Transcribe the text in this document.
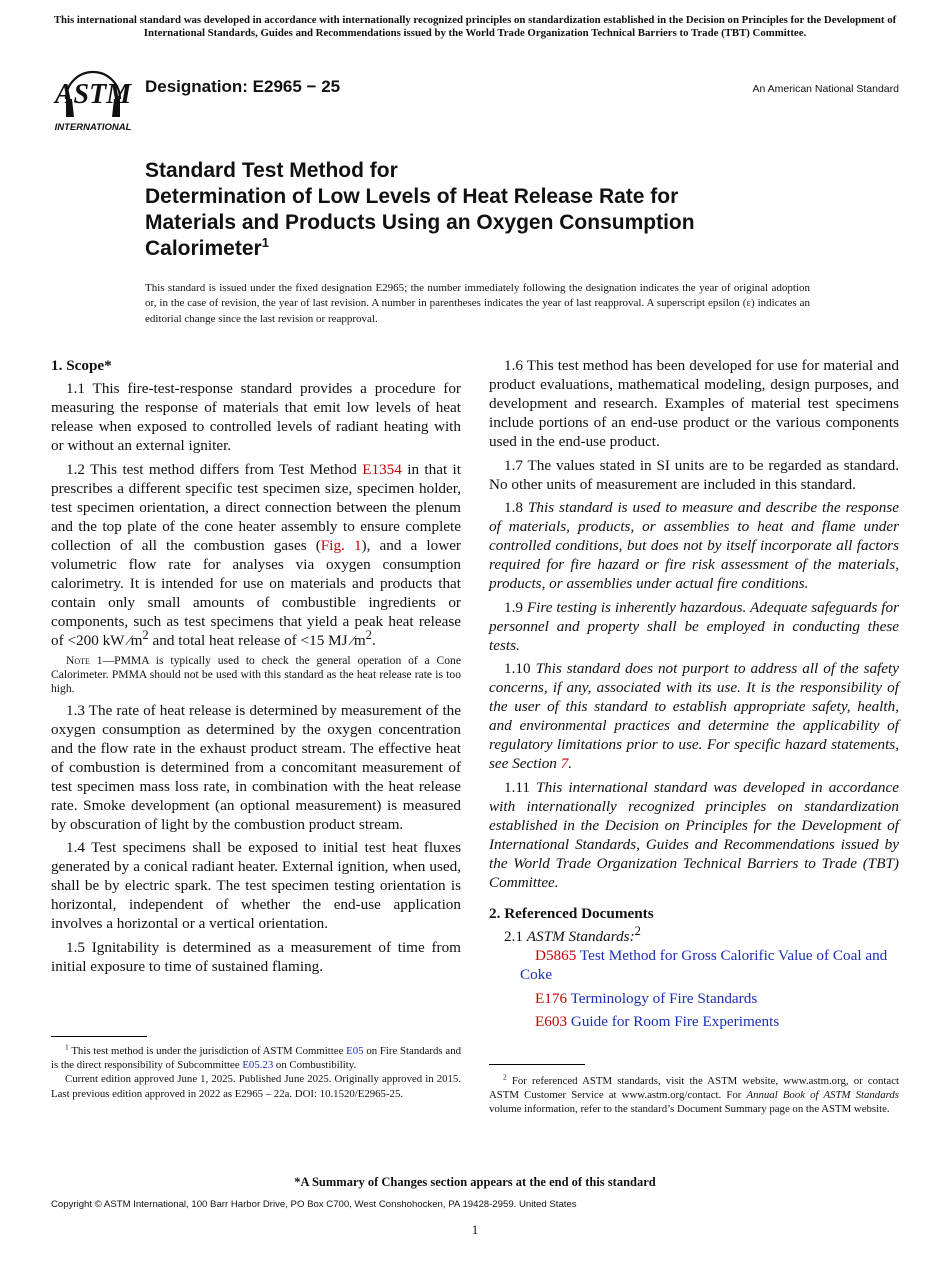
This international standard was developed in accordance with internationally recognized principles on standardization established in the Decision on Principles for the Development of International Standards, Guides and Recommendations issued by the World Trade Organization Technical Barriers to Trade (TBT) Committee.
ASTM
INTERNATIONAL
Designation: E2965 − 25	An American National Standard
Standard Test Method for
Determination of Low Levels of Heat Release Rate for
Materials and Products Using an Oxygen Consumption
Calorimeter$^1$
This standard is issued under the fixed designation E2965; the number immediately following the designation indicates the year of original adoption or, in the case of revision, the year of last revision. A number in parentheses indicates the year of last reapproval. A superscript epsilon (ε) indicates an editorial change since the last revision or reapproval.
1. Scope*

1.1 This fire-test-response standard provides a procedure for measuring the response of materials that emit low levels of heat release when exposed to controlled levels of radiant heating with or without an external igniter.

1.2 This test method differs from Test Method E1354 in that it prescribes a different specific test specimen size, specimen holder, test specimen orientation, a direct connection between the plenum and the top plate of the cone heater assembly to ensure complete collection of all the combustion gases (Fig. 1), and a lower volumetric flow rate for analyses via oxygen consumption calorimetry. It is intended for use on materials and products that contain only small amounts of combustible ingredients or components, such as test specimens that yield a peak heat release of <200 kW $⁄m^2$ and total heat release of <15 MJ $⁄m^2$.

Note 1—PMMA is typically used to check the general operation of a Cone Calorimeter. PMMA should not be used with this standard as the heat release rate is too high.

1.3 The rate of heat release is determined by measurement of the oxygen consumption as determined by the oxygen concentration and the flow rate in the exhaust product stream. The effective heat of combustion is determined from a concomitant measurement of test specimen mass loss rate, in combination with the heat release rate. Smoke development (an optional measurement) is measured by obscuration of light by the combustion product stream.

1.4 Test specimens shall be exposed to initial test heat fluxes generated by a conical radiant heater. External ignition, when used, shall be by electric spark. The test specimen testing orientation is horizontal, independent of whether the end-use application involves a horizontal or a vertical orientation.

1.5 Ignitability is determined as a measurement of time from initial exposure to time of sustained flaming.

1.6 This test method has been developed for use for material and product evaluations, mathematical modeling, design purposes, and development and research. Examples of material test specimens include portions of an end-use product or the various components used in the end-use product.

1.7 The values stated in SI units are to be regarded as standard. No other units of measurement are included in this standard.

1.8 This standard is used to measure and describe the response of materials, products, or assemblies to heat and flame under controlled conditions, but does not by itself incorporate all factors required for fire hazard or fire risk assessment of the materials, products, or assemblies under actual fire conditions.

1.9 Fire testing is inherently hazardous. Adequate safeguards for personnel and property shall be employed in conducting these tests.

1.10 This standard does not purport to address all of the safety concerns, if any, associated with its use. It is the responsibility of the user of this standard to establish appropriate safety, health, and environmental practices and determine the applicability of regulatory limitations prior to use. For specific hazard statements, see Section 7.

1.11 This international standard was developed in accordance with internationally recognized principles on standardization established in the Decision on Principles for the Development of International Standards, Guides and Recommendations issued by the World Trade Organization Technical Barriers to Trade (TBT) Committee.

2. Referenced Documents

2.1 ASTM Standards:$^2$

D5865 Test Method for Gross Calorific Value of Coal and Coke

E176 Terminology of Fire Standards

E603 Guide for Room Fire Experiments

$^1$ This test method is under the jurisdiction of ASTM Committee E05 on Fire Standards and is the direct responsibility of Subcommittee E05.23 on Combustibility.

Current edition approved June 1, 2025. Published June 2025. Originally approved in 2015. Last previous edition approved in 2022 as E2965 – 22a. DOI: 10.1520/E2965-25.

$^2$ For referenced ASTM standards, visit the ASTM website, www.astm.org, or contact ASTM Customer Service at www.astm.org/contact. For Annual Book of ASTM Standards volume information, refer to the standard’s Document Summary page on the ASTM website.

*A Summary of Changes section appears at the end of this standard
Copyright © ASTM International, 100 Barr Harbor Drive, PO Box C700, West Conshohocken, PA 19428-2959. United States
1
